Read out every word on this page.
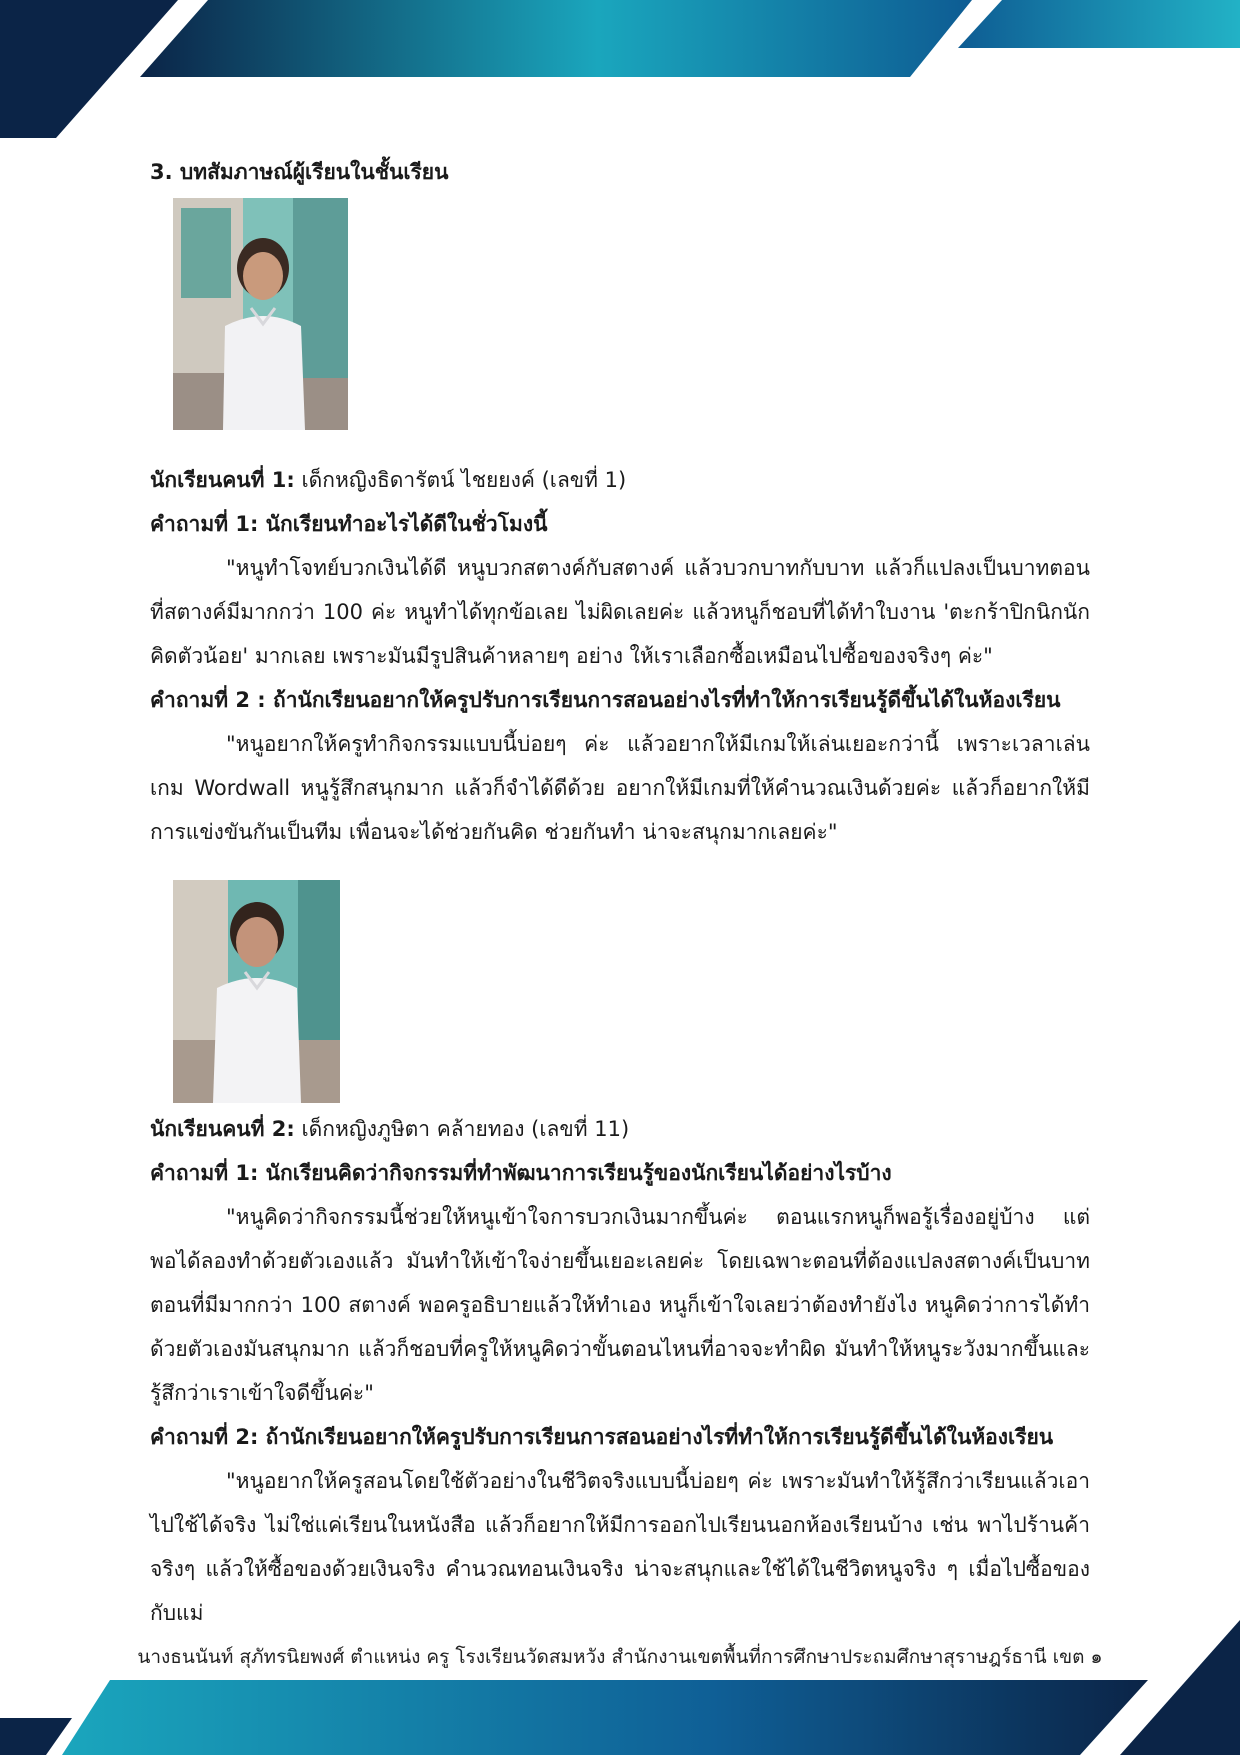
3. บทสัมภาษณ์ผู้เรียนในชั้นเรียน

นักเรียนคนที่ 1: เด็กหญิงธิดารัตน์ ไชยยงค์ (เลขที่ 1)

คำถามที่ 1: นักเรียนทำอะไรได้ดีในชั่วโมงนี้

"หนูทำโจทย์บวกเงินได้ดี หนูบวกสตางค์กับสตางค์ แล้วบวกบาทกับบาท แล้วก็แปลงเป็นบาทตอนที่สตางค์มีมากกว่า 100 ค่ะ หนูทำได้ทุกข้อเลย ไม่ผิดเลยค่ะ แล้วหนูก็ชอบที่ได้ทำใบงาน 'ตะกร้าปิกนิกนักคิดตัวน้อย' มากเลย เพราะมันมีรูปสินค้าหลายๆ อย่าง ให้เราเลือกซื้อเหมือนไปซื้อของจริงๆ ค่ะ"

คำถามที่ 2 : ถ้านักเรียนอยากให้ครูปรับการเรียนการสอนอย่างไรที่ทำให้การเรียนรู้ดีขึ้นได้ในห้องเรียน

"หนูอยากให้ครูทำกิจกรรมแบบนี้บ่อยๆ ค่ะ แล้วอยากให้มีเกมให้เล่นเยอะกว่านี้ เพราะเวลาเล่นเกม Wordwall หนูรู้สึกสนุกมาก แล้วก็จำได้ดีด้วย อยากให้มีเกมที่ให้คำนวณเงินด้วยค่ะ แล้วก็อยากให้มีการแข่งขันกันเป็นทีม เพื่อนจะได้ช่วยกันคิด ช่วยกันทำ น่าจะสนุกมากเลยค่ะ"

นักเรียนคนที่ 2: เด็กหญิงภูษิตา คล้ายทอง (เลขที่ 11)

คำถามที่ 1: นักเรียนคิดว่ากิจกรรมที่ทำพัฒนาการเรียนรู้ของนักเรียนได้อย่างไรบ้าง

"หนูคิดว่ากิจกรรมนี้ช่วยให้หนูเข้าใจการบวกเงินมากขึ้นค่ะ ตอนแรกหนูก็พอรู้เรื่องอยู่บ้าง แต่พอได้ลองทำด้วยตัวเองแล้ว มันทำให้เข้าใจง่ายขึ้นเยอะเลยค่ะ โดยเฉพาะตอนที่ต้องแปลงสตางค์เป็นบาทตอนที่มีมากกว่า 100 สตางค์ พอครูอธิบายแล้วให้ทำเอง หนูก็เข้าใจเลยว่าต้องทำยังไง หนูคิดว่าการได้ทำด้วยตัวเองมันสนุกมาก แล้วก็ชอบที่ครูให้หนูคิดว่าขั้นตอนไหนที่อาจจะทำผิด มันทำให้หนูระวังมากขึ้นและรู้สึกว่าเราเข้าใจดีขึ้นค่ะ"

คำถามที่ 2: ถ้านักเรียนอยากให้ครูปรับการเรียนการสอนอย่างไรที่ทำให้การเรียนรู้ดีขึ้นได้ในห้องเรียน

"หนูอยากให้ครูสอนโดยใช้ตัวอย่างในชีวิตจริงแบบนี้บ่อยๆ ค่ะ เพราะมันทำให้รู้สึกว่าเรียนแล้วเอาไปใช้ได้จริง ไม่ใช่แค่เรียนในหนังสือ แล้วก็อยากให้มีการออกไปเรียนนอกห้องเรียนบ้าง เช่น พาไปร้านค้าจริงๆ แล้วให้ซื้อของด้วยเงินจริง คำนวณทอนเงินจริง น่าจะสนุกและใช้ได้ในชีวิตหนูจริง ๆ เมื่อไปซื้อของกับแม่

นางธนนันท์ สุภัทรนิยพงศ์ ตำแหน่ง ครู โรงเรียนวัดสมหวัง สำนักงานเขตพื้นที่การศึกษาประถมศึกษาสุราษฎร์ธานี เขต ๑
